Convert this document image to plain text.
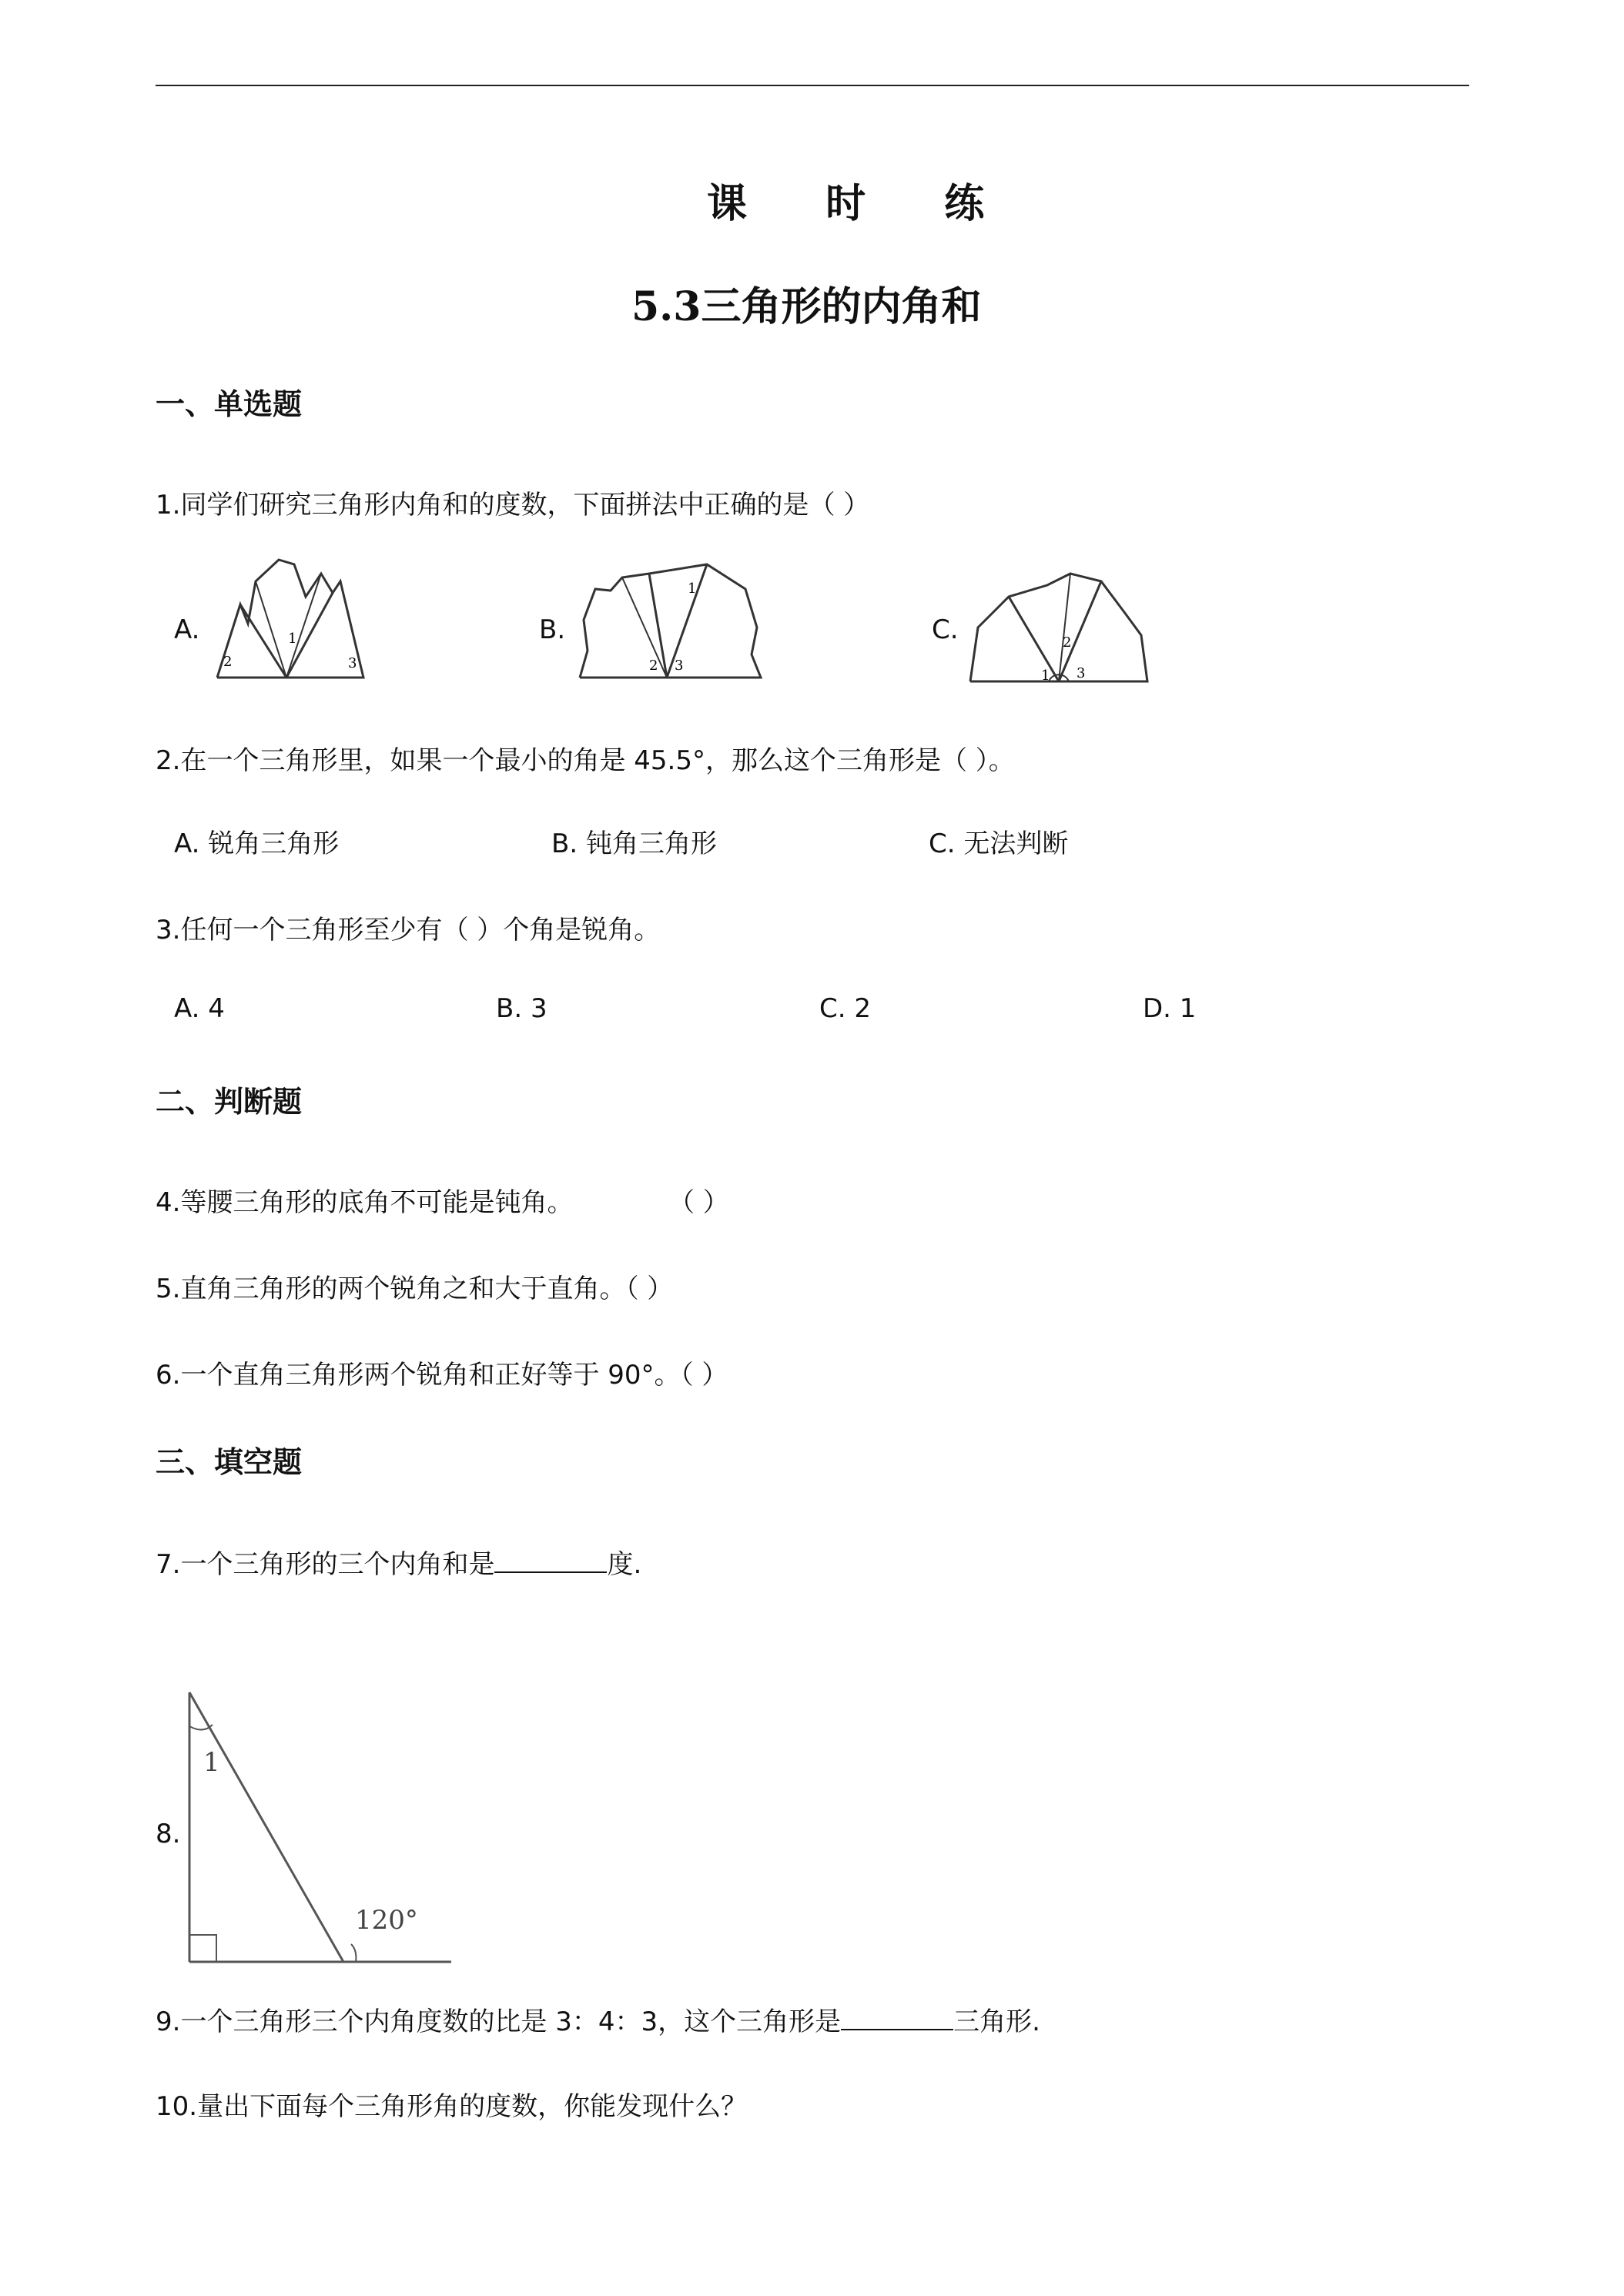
课 时 练
5.3三角形的内角和
一、单选题
1.同学们研究三角形内角和的度数，下面拼法中正确的是（ ）
A.	B.	C.
2
1
3
1
2 3
1
2
3
2.在一个三角形里，如果一个最小的角是 45.5°，那么这个三角形是（ ）。
A. 锐角三角形	B. 钝角三角形	C. 无法判断
3.任何一个三角形至少有（ ）个角是锐角。
A. 4	B. 3	C. 2	D. 1
二、判断题
4.等腰三角形的底角不可能是钝角。	（ ）
5.直角三角形的两个锐角之和大于直角。（ ）
6.一个直角三角形两个锐角和正好等于 90°。（ ）
三、填空题
7.一个三角形的三个内角和是	度.
8.
1
120°
9.一个三角形三个内角度数的比是 3：4：3，这个三角形是	三角形.
10.量出下面每个三角形角的度数，你能发现什么？
